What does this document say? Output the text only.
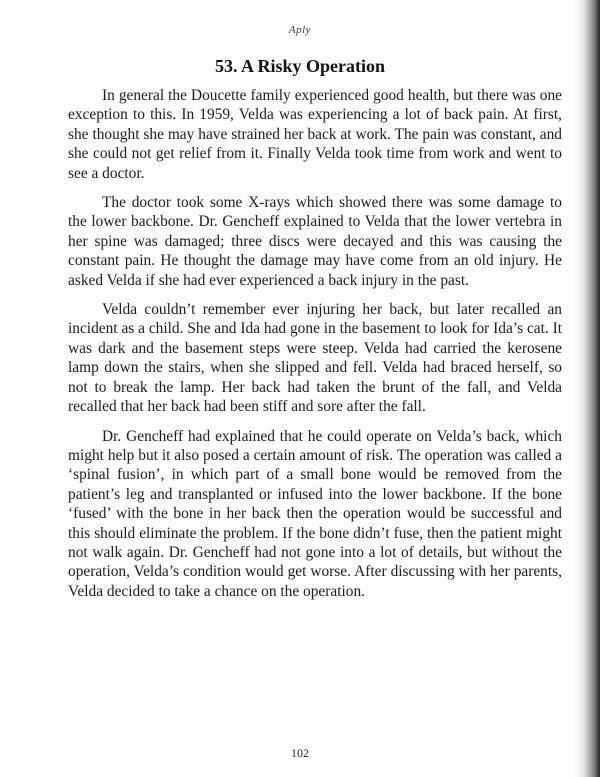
Aply
53. A Risky Operation

In general the Doucette family experienced good health, but there was one exception to this. In 1959, Velda was experiencing a lot of back pain. At first, she thought she may have strained her back at work. The pain was constant, and she could not get relief from it. Finally Velda took time from work and went to see a doctor.

The doctor took some X-rays which showed there was some damage to the lower backbone. Dr. Gencheff explained to Velda that the lower vertebra in her spine was damaged; three discs were decayed and this was causing the constant pain. He thought the damage may have come from an old injury. He asked Velda if she had ever experienced a back injury in the past.

Velda couldn’t remember ever injuring her back, but later recalled an incident as a child. She and Ida had gone in the basement to look for Ida’s cat. It was dark and the basement steps were steep. Velda had carried the kerosene lamp down the stairs, when she slipped and fell. Velda had braced herself, so not to break the lamp. Her back had taken the brunt of the fall, and Velda recalled that her back had been stiff and sore after the fall.

Dr. Gencheff had explained that he could operate on Velda’s back, which might help but it also posed a certain amount of risk. The operation was called a ‘spinal fusion’, in which part of a small bone would be removed from the patient’s leg and transplanted or infused into the lower backbone. If the bone ‘fused’ with the bone in her back then the operation would be successful and this should eliminate the problem. If the bone didn’t fuse, then the patient might not walk again. Dr. Gencheff had not gone into a lot of details, but without the operation, Velda’s condition would get worse. After discussing with her parents, Velda decided to take a chance on the operation.

102
